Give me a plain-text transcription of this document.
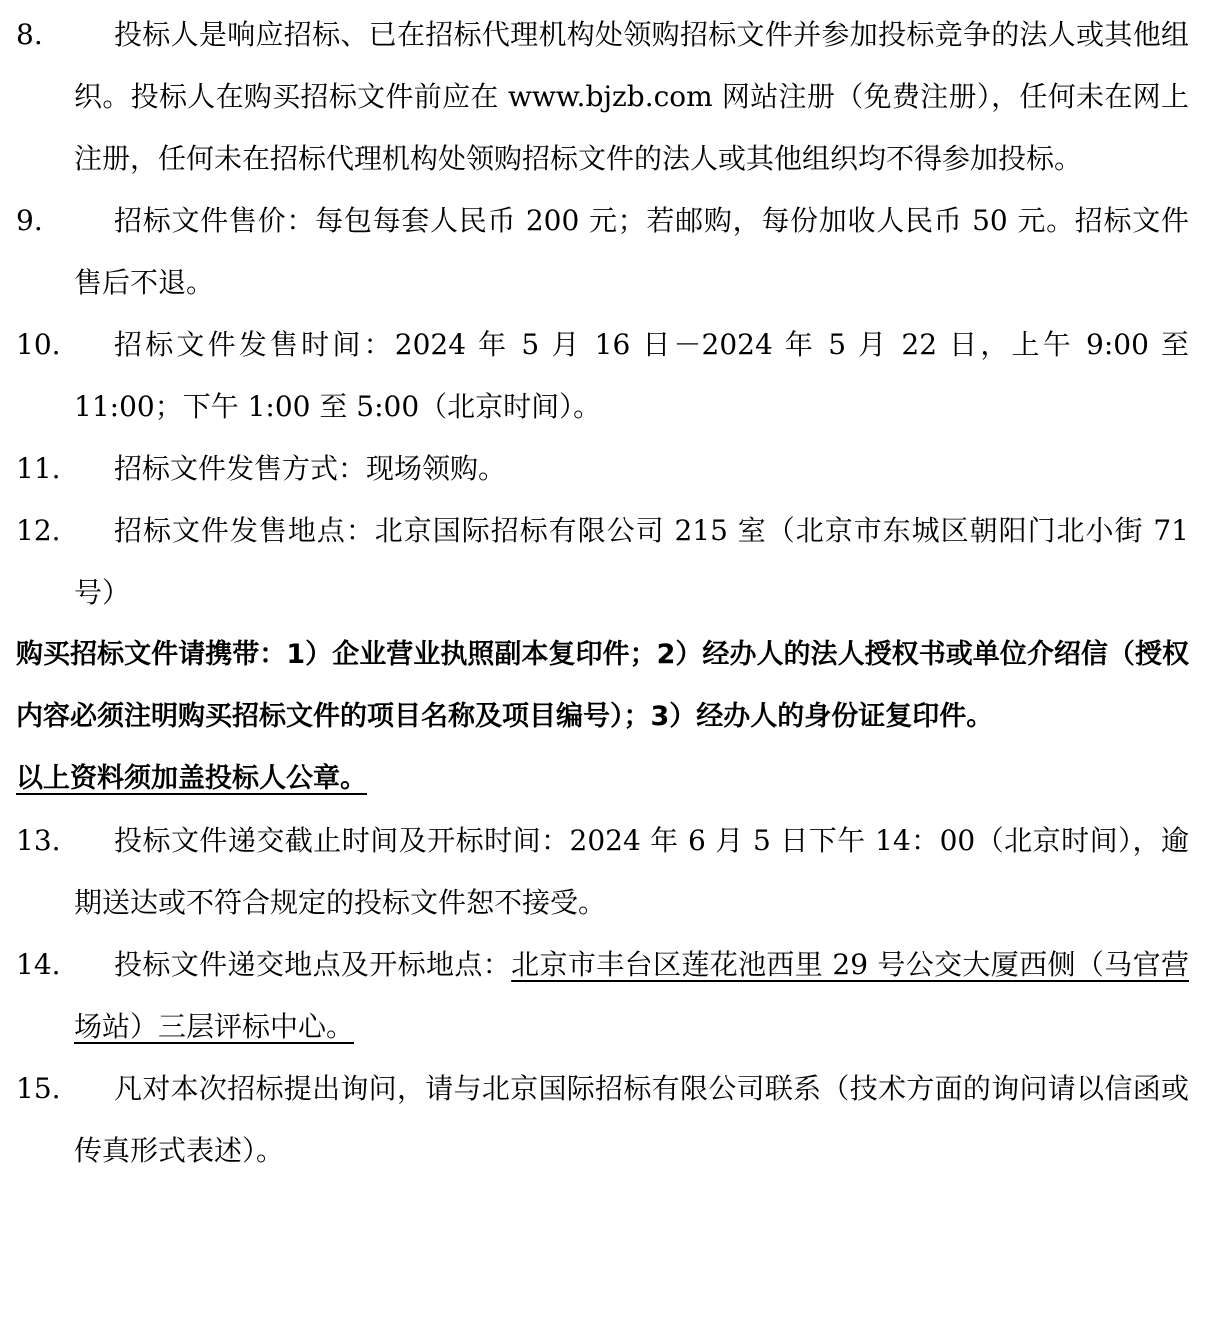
8.	投标人是响应招标、已在招标代理机构处领购招标文件并参加投标竞争的法人或其他组织。投标人在购买招标文件前应在 www.bjzb.com 网站注册（免费注册），任何未在网上注册，任何未在招标代理机构处领购招标文件的法人或其他组织均不得参加投标。
9.	招标文件售价：每包每套人民币 200 元；若邮购，每份加收人民币 50 元。招标文件售后不退。
10.	招标文件发售时间：2024 年 5 月 16 日－2024 年 5 月 22 日，上午 9:00 至 11:00；下午 1:00 至 5:00（北京时间）。
11.	招标文件发售方式：现场领购。
12.	招标文件发售地点：北京国际招标有限公司 215 室（北京市东城区朝阳门北小街 71 号）
购买招标文件请携带：1）企业营业执照副本复印件；2）经办人的法人授权书或单位介绍信（授权内容必须注明购买招标文件的项目名称及项目编号）；3）经办人的身份证复印件。
以上资料须加盖投标人公章。
13.	投标文件递交截止时间及开标时间：2024 年 6 月 5 日下午 14：00（北京时间），逾期送达或不符合规定的投标文件恕不接受。
14.	投标文件递交地点及开标地点：北京市丰台区莲花池西里 29 号公交大厦西侧（马官营场站）三层评标中心。
15.	凡对本次招标提出询问，请与北京国际招标有限公司联系（技术方面的询问请以信函或传真形式表述）。
